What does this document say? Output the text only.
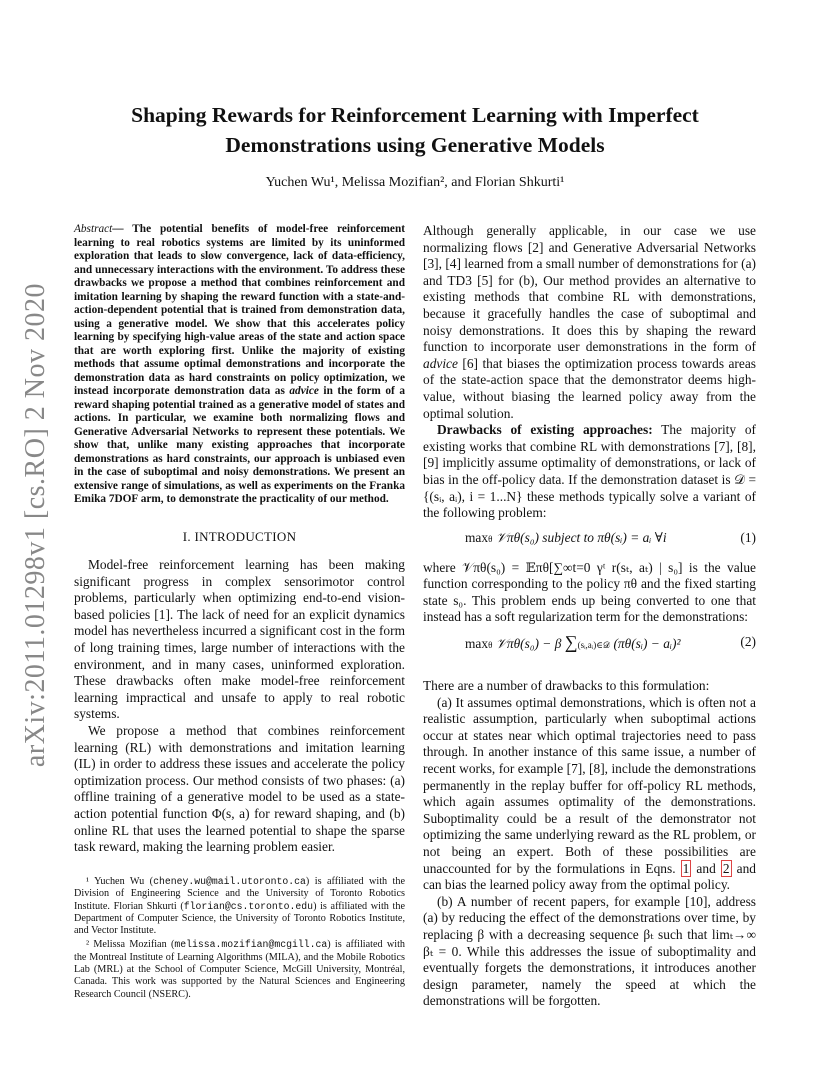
arXiv:2011.01298v1 [cs.RO] 2 Nov 2020
Shaping Rewards for Reinforcement Learning with Imperfect Demonstrations using Generative Models
Yuchen Wu¹, Melissa Mozifian², and Florian Shkurti¹

Abstract— The potential benefits of model-free reinforcement learning to real robotics systems are limited by its uninformed exploration that leads to slow convergence, lack of data-efficiency, and unnecessary interactions with the environment. To address these drawbacks we propose a method that combines reinforcement and imitation learning by shaping the reward function with a state-and-action-dependent potential that is trained from demonstration data, using a generative model. We show that this accelerates policy learning by specifying high-value areas of the state and action space that are worth exploring first. Unlike the majority of existing methods that assume optimal demonstrations and incorporate the demonstration data as hard constraints on policy optimization, we instead incorporate demonstration data as advice in the form of a reward shaping potential trained as a generative model of states and actions. In particular, we examine both normalizing flows and Generative Adversarial Networks to represent these potentials. We show that, unlike many existing approaches that incorporate demonstrations as hard constraints, our approach is unbiased even in the case of suboptimal and noisy demonstrations. We present an extensive range of simulations, as well as experiments on the Franka Emika 7DOF arm, to demonstrate the practicality of our method.

I. INTRODUCTION

Model-free reinforcement learning has been making significant progress in complex sensorimotor control problems, particularly when optimizing end-to-end vision-based policies [1]. The lack of need for an explicit dynamics model has nevertheless incurred a significant cost in the form of long training times, large number of interactions with the environment, and in many cases, uninformed exploration. These drawbacks often make model-free reinforcement learning impractical and unsafe to apply to real robotic systems.

We propose a method that combines reinforcement learning (RL) with demonstrations and imitation learning (IL) in order to address these issues and accelerate the policy optimization process. Our method consists of two phases: (a) offline training of a generative model to be used as a state-action potential function Φ(s, a) for reward shaping, and (b) online RL that uses the learned potential to shape the sparse task reward, making the learning problem easier.

¹ Yuchen Wu (cheney.wu@mail.utoronto.ca) is affiliated with the Division of Engineering Science and the University of Toronto Robotics Institute. Florian Shkurti (florian@cs.toronto.edu) is affiliated with the Department of Computer Science, the University of Toronto Robotics Institute, and Vector Institute.

² Melissa Mozifian (melissa.mozifian@mcgill.ca) is affiliated with the Montreal Institute of Learning Algorithms (MILA), and the Mobile Robotics Lab (MRL) at the School of Computer Science, McGill University, Montréal, Canada. This work was supported by the Natural Sciences and Engineering Research Council (NSERC).

Although generally applicable, in our case we use normalizing flows [2] and Generative Adversarial Networks [3], [4] learned from a small number of demonstrations for (a) and TD3 [5] for (b), Our method provides an alternative to existing methods that combine RL with demonstrations, because it gracefully handles the case of suboptimal and noisy demonstrations. It does this by shaping the reward function to incorporate user demonstrations in the form of advice [6] that biases the optimization process towards areas of the state-action space that the demonstrator deems high-value, without biasing the learned policy away from the optimal solution.

Drawbacks of existing approaches: The majority of existing works that combine RL with demonstrations [7], [8], [9] implicitly assume optimality of demonstrations, or lack of bias in the off-policy data. If the demonstration dataset is 𝒟 = {(sᵢ, aᵢ), i = 1...N} these methods typically solve a variant of the following problem:

maxθ 𝒱πθ(s₀) subject to πθ(sᵢ) = aᵢ ∀i	(1)

where 𝒱πθ(s₀) = 𝔼πθ[∑∞t=0 γᵗ r(sₜ, aₜ) | s₀] is the value function corresponding to the policy πθ and the fixed starting state s₀. This problem ends up being converted to one that instead has a soft regularization term for the demonstrations:

maxθ 𝒱πθ(s₀) − β ∑(sᵢ,aᵢ)∈𝒟 (πθ(sᵢ) − aᵢ)²	(2)

There are a number of drawbacks to this formulation:

(a) It assumes optimal demonstrations, which is often not a realistic assumption, particularly when suboptimal actions occur at states near which optimal trajectories need to pass through. In another instance of this same issue, a number of recent works, for example [7], [8], include the demonstrations permanently in the replay buffer for off-policy RL methods, which again assumes optimality of the demonstrations. Suboptimality could be a result of the demonstrator not optimizing the same underlying reward as the RL problem, or not being an expert. Both of these possibilities are unaccounted for by the formulations in Eqns. 1 and 2 and can bias the learned policy away from the optimal policy.

(b) A number of recent papers, for example [10], address (a) by reducing the effect of the demonstrations over time, by replacing β with a decreasing sequence βₜ such that limₜ→∞ βₜ = 0. While this addresses the issue of suboptimality and eventually forgets the demonstrations, it introduces another design parameter, namely the speed at which the demonstrations will be forgotten.
